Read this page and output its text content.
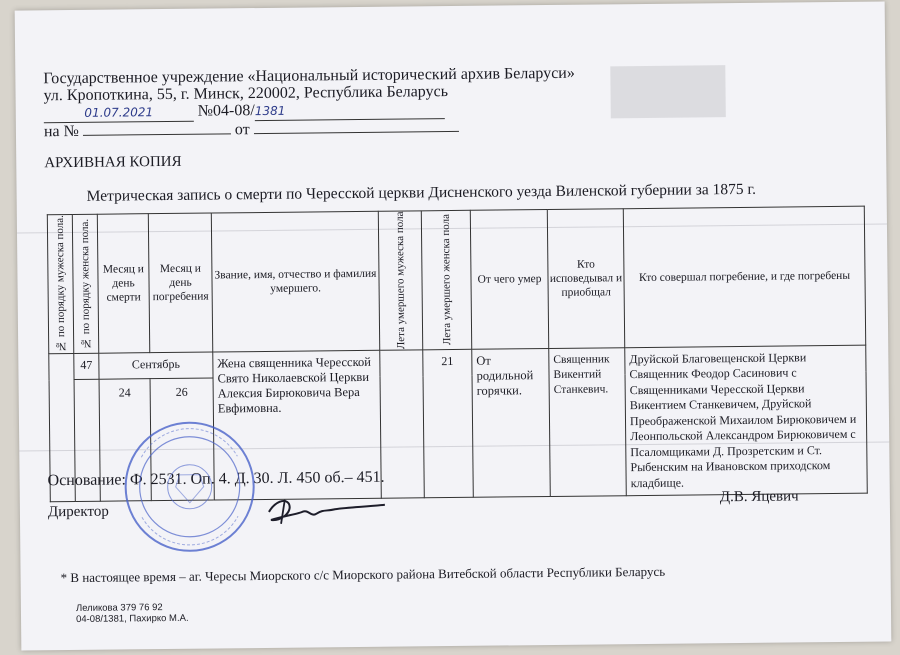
Государственное учреждение «Национальный исторический архив Беларуси»
ул. Кропоткина, 55, г. Минск, 220002, Республика Беларусь
01.07.2021	№04-08/1381
на №	от
АРХИВНАЯ КОПИЯ
Метрическая запись о смерти по Чересской церкви Дисненского уезда Виленской губернии за 1875 г.
№ по порядку мужеска пола.	№ по порядку женска пола.	Месяц и день смерти	Месяц и день погребения	Звание, имя, отчество и фамилия умершего.	Лета умершего мужеска пола	Лета умершего женска пола	От чего умер	Кто исповедывал и приобщал	Кто совершал погребение, и где погребены
	47	Сентябрь		Жена священника Чересской Свято Николаевской Церкви Алексия Бирюковича Вера Евфимовна.		21	От родильной горячки.	Священник Викентий Станкевич.	Друйской Благовещенской Церкви Священник Феодор Сасинович с Священниками Чересской Церкви Викентием Станкевичем, Друйской Преображенской Михаилом Бирюковичем и Леонпольской Александром Бирюковичем с Псаломщиками Д. Прозретским и Ст. Рыбенским на Ивановском приходском кладбище.
		24	26						
Основание: Ф. 2531. Оп. 4. Д. 30. Л. 450 об.– 451.
Директор
Д.В. Яцевич
* В настоящее время – аг. Чересы Миорского с/с Миорского района Витебской области Республики Беларусь
Леликова 379 76 92
04-08/1381, Пахирко М.А.
